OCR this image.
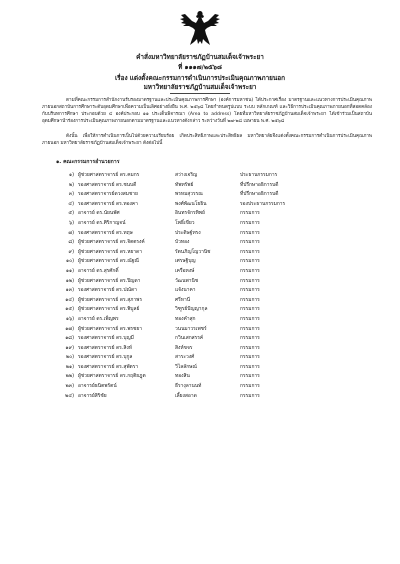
คำสั่งมหาวิทยาลัยราชภัฏบ้านสมเด็จเจ้าพระยา
ที่ ๑๑๑๗/๒๕๖๘
เรื่อง แต่งตั้งคณะกรรมการดำเนินการประเมินคุณภาพภายนอก
มหาวิทยาลัยราชภัฏบ้านสมเด็จเจ้าพระยา

ตามที่คณะกรรมการสำนักงานรับรองมาตรฐานและประเมินคุณภาพการศึกษา (องค์การมหาชน) ได้ประกาศเรื่อง มาตรฐานและแนวทางการประเมินคุณภาพภายนอกสถาบันการศึกษาระดับอุดมศึกษาเพื่อความเป็นเลิศอย่างยั่งยืน พ.ศ. ๒๕๖๘ โดยกำหนดรูปแบบ ระบบ หลักเกณฑ์ และวิธีการประเมินคุณภาพภายนอกที่สอดคล้องกับบริบทการศึกษา ประกอบด้วย ๔ องค์ประกอบ ๑๑ ประเด็นพิจารณา (Area to address) โดยที่มหาวิทยาลัยราชภัฏบ้านสมเด็จเจ้าพระยา ได้เข้าร่วมเป็นสถาบันอุดมศึกษานำร่องการประเมินคุณภาพภายนอกตามมาตรฐานและแนวทางดังกล่าว ระหว่างวันที่ ๒๗-๒๘ เมษายน พ.ศ. ๒๕๖๘

ดังนั้น เพื่อให้การดำเนินการเป็นไปด้วยความเรียบร้อย เกิดประสิทธิภาพและประสิทธิผล มหาวิทยาลัยจึงแต่งตั้งคณะกรรมการดำเนินการประเมินคุณภาพภายนอก มหาวิทยาลัยราชภัฏบ้านสมเด็จเจ้าพระยา ดังต่อไปนี้

๑. คณะกรรมการอำนวยการ
๑) ผู้ช่วยศาสตราจารย์ ดร.คมกร	สว่างเจริญ	ประธานกรรมการ
๒) รองศาสตราจารย์ ดร.ชนบดี	ทัพทรัพย์	ที่ปรึกษาอธิการบดี
๓) รองศาสตราจารย์ดวงสมชาย	พรหมสุวรรณ	ที่ปรึกษาอธิการบดี
๔) รองศาสตราจารย์ ดร.ทองคา	พงศ์พัฒนโยธิน	รองประธานกรรมการ
๕) อาจารย์ ดร.นัยนพัศ	อินทรจักรทิพย์	กรรมการ
๖) อาจารย์ ดร.ศิริกาญจน์	โพธิ์เขียว	กรรมการ
๗) รองศาสตราจารย์ ดร.ทฤษ	ประดิษฐ์ทรง	กรรมการ
๘) ผู้ช่วยศาสตราจารย์ ดร.จิตตรงค์	บัวทอง	กรรมการ
๙) ผู้ช่วยศาสตราจารย์ ดร.หยาดา	รัตนภิญโญวานิช	กรรมการ
๑๐) ผู้ช่วยศาสตราจารย์ ดร.ณัฐณี	เศรษฐิบุญ	กรรมการ
๑๑) อาจารย์ ดร.สุรศักดิ์	เครือหงษ์	กรรมการ
๑๒) ผู้ช่วยศาสตราจารย์ ดร.ปิญดา	วัฒนพานิช	กรรมการ
๑๓) รองศาสตราจารย์ ดร.ปณัดา	แจ้งนาคา	กรรมการ
๑๔) ผู้ช่วยศาสตราจารย์ ดร.สุภาพร	ศรีหานี	กรรมการ
๑๕) ผู้ช่วยศาสตราจารย์ ดร.พิบูลย์	วิฑูรย์ปัญญากุล	กรรมการ
๑๖) อาจารย์ ดร.เพ็ญพร	ทองคำสุก	กรรมการ
๑๗) ผู้ช่วยศาสตราจารย์ ดร.พรชยา	วนนมาวรเพชร์	กรรมการ
๑๘) รองศาสตราจารย์ ดร.บุญมี	กวินเสกสรรค์	กรรมการ
๑๙) รองศาสตราจารย์ ดร.สิงห์	สิงห์ขจร	กรรมการ
๒๐) รองศาสตราจารย์ ดร.บุกูล	สาระวงศ์	กรรมการ
๒๑) รองศาสตราจารย์ ดร.สุพัตรา	วิไลลักษณ์	กรรมการ
๒๒) ผู้ช่วยศาสตราจารย์ ดร.กฤติยฎุต	ทองสิน	กรรมการ
๒๓) อาจารย์ธนิตพรัตน์	ธีรางุลานนท์	กรรมการ
๒๔) อาจารย์สิริชัย	เลี้ยงสอาด	กรรมการ
